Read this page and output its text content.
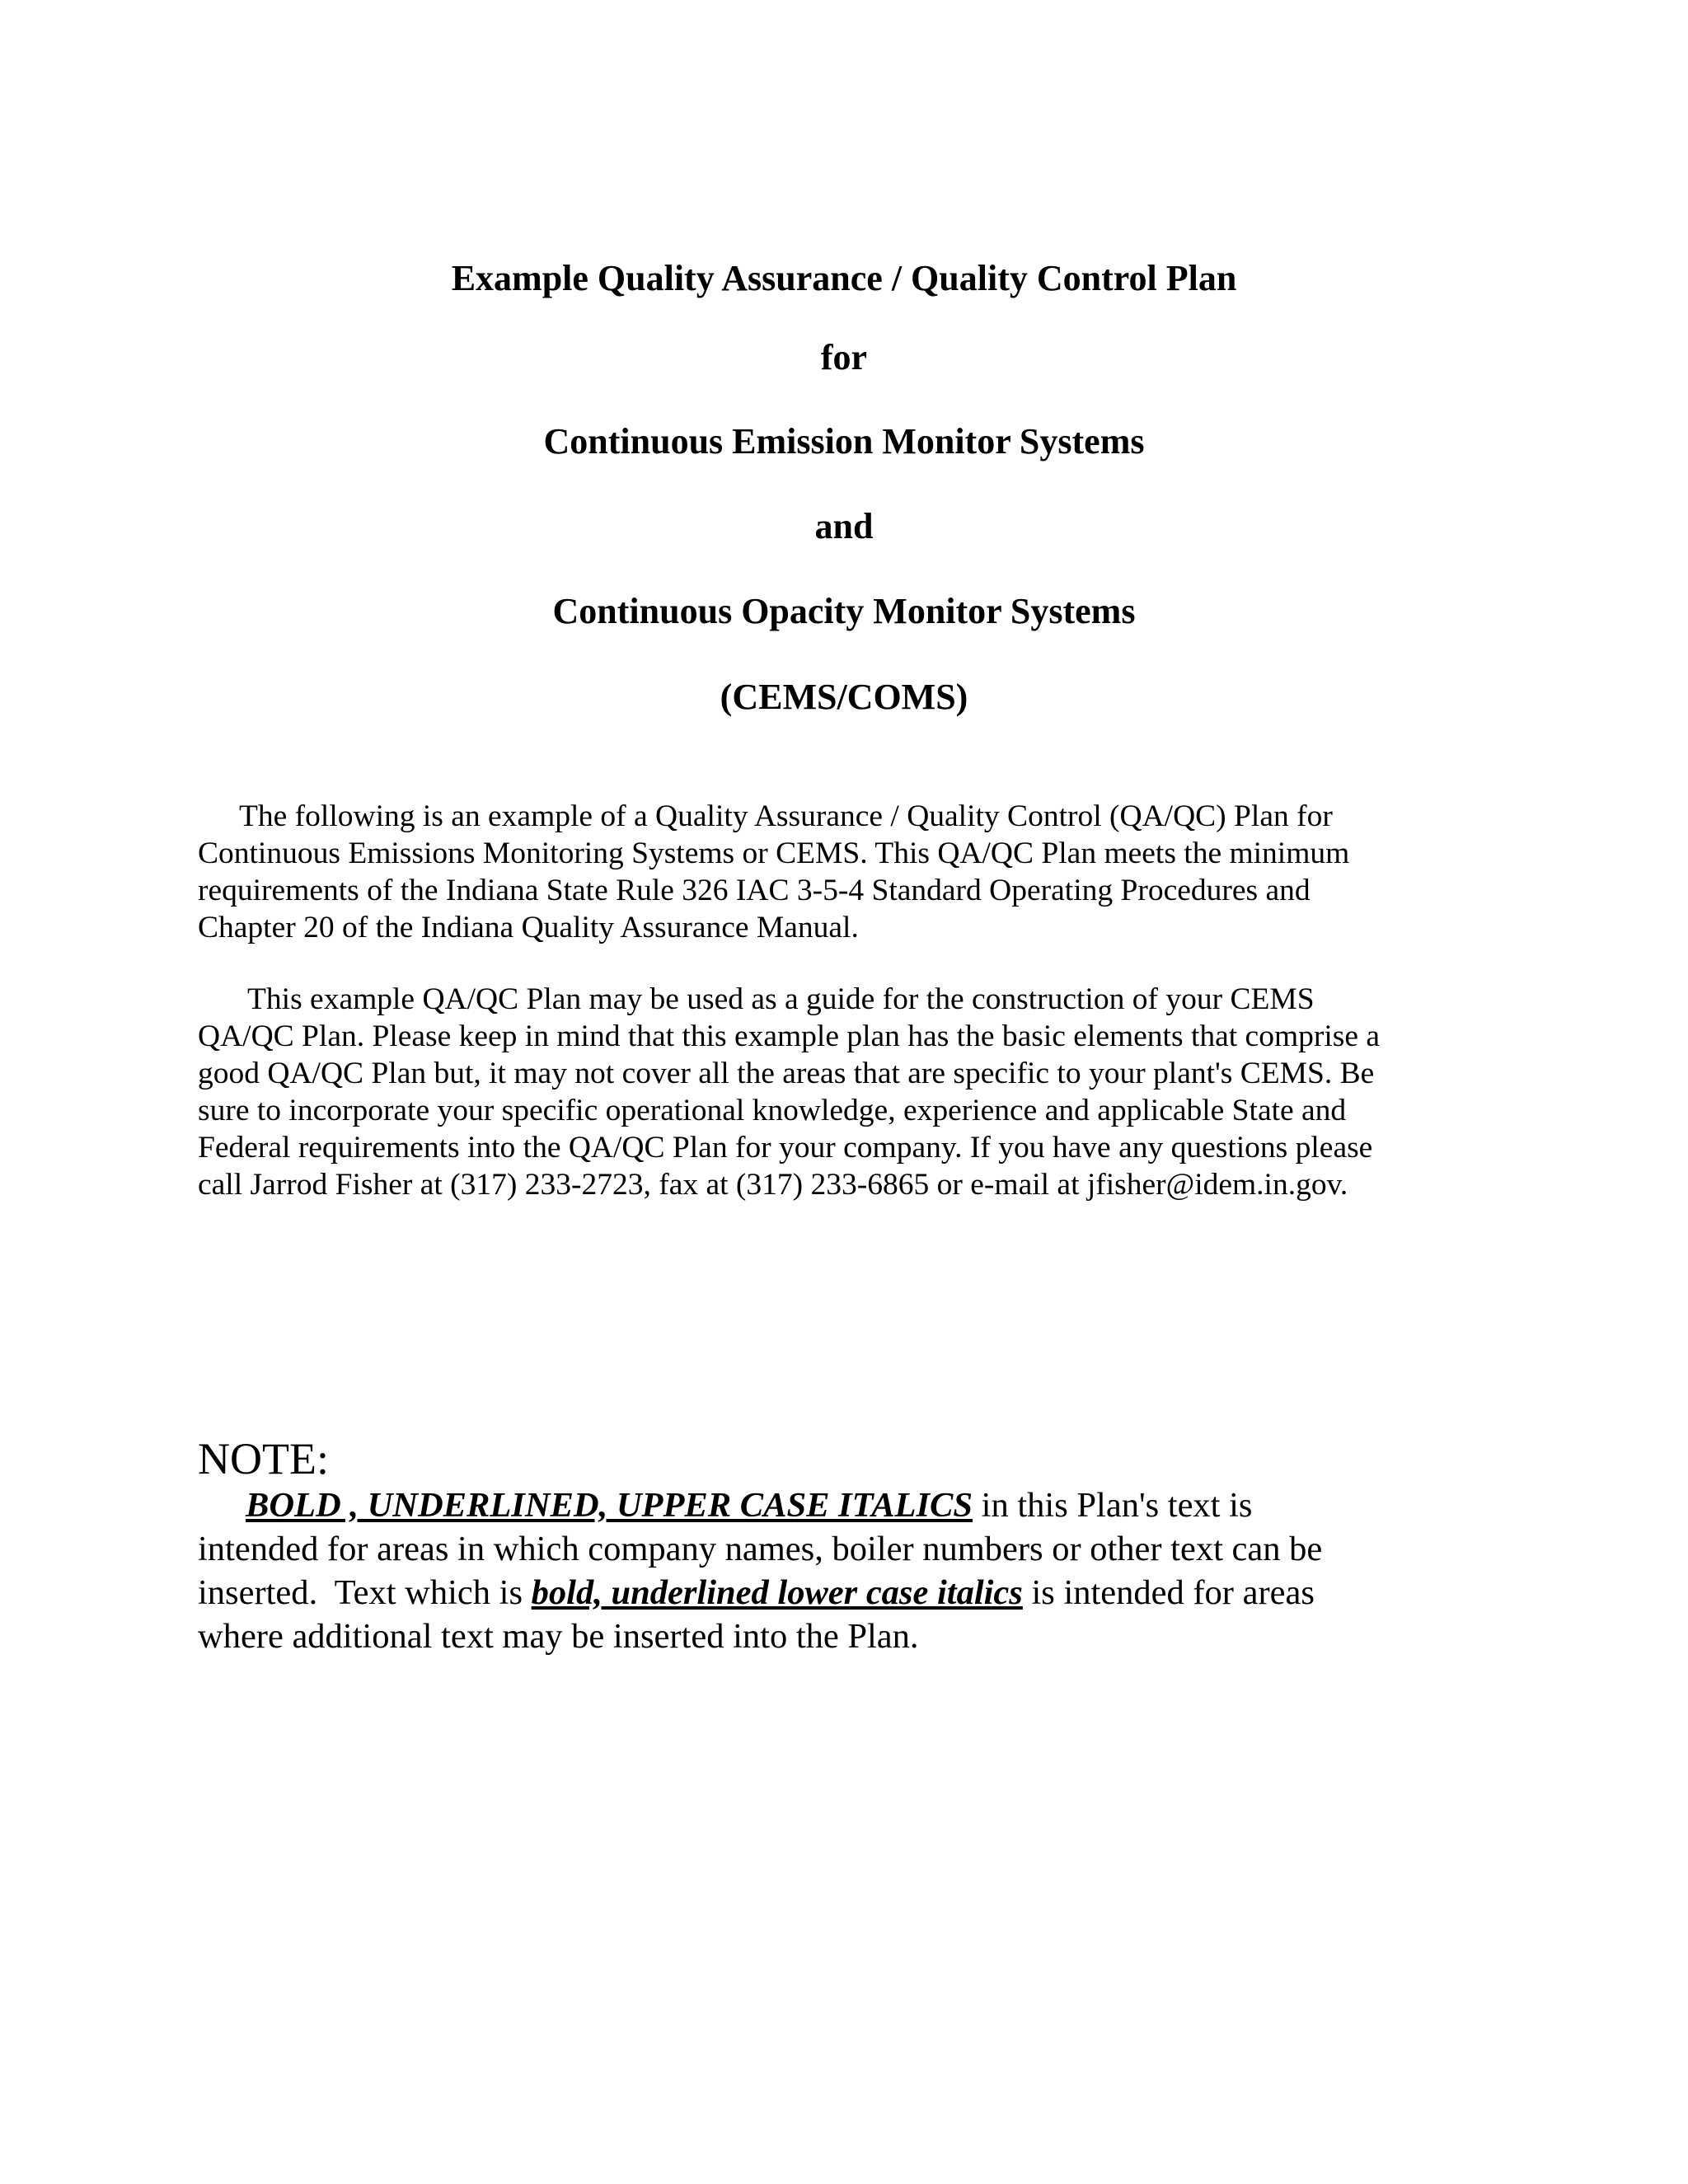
Example Quality Assurance / Quality Control Plan
for
Continuous Emission Monitor Systems
and
Continuous Opacity Monitor Systems
(CEMS/COMS)
The following is an example of a Quality Assurance / Quality Control (QA/QC) Plan for
Continuous Emissions Monitoring Systems or CEMS. This QA/QC Plan meets the minimum
requirements of the Indiana State Rule 326 IAC 3-5-4 Standard Operating Procedures and
Chapter 20 of the Indiana Quality Assurance Manual.
This example QA/QC Plan may be used as a guide for the construction of your CEMS
QA/QC Plan. Please keep in mind that this example plan has the basic elements that comprise a
good QA/QC Plan but, it may not cover all the areas that are specific to your plant's CEMS. Be
sure to incorporate your specific operational knowledge, experience and applicable State and
Federal requirements into the QA/QC Plan for your company. If you have any questions please
call Jarrod Fisher at (317) 233-2723, fax at (317) 233-6865 or e-mail at jfisher@idem.in.gov.
NOTE:
BOLD , UNDERLINED, UPPER CASE ITALICS in this Plan's text is
intended for areas in which company names, boiler numbers or other text can be
inserted.  Text which is bold, underlined lower case italics is intended for areas
where additional text may be inserted into the Plan.
